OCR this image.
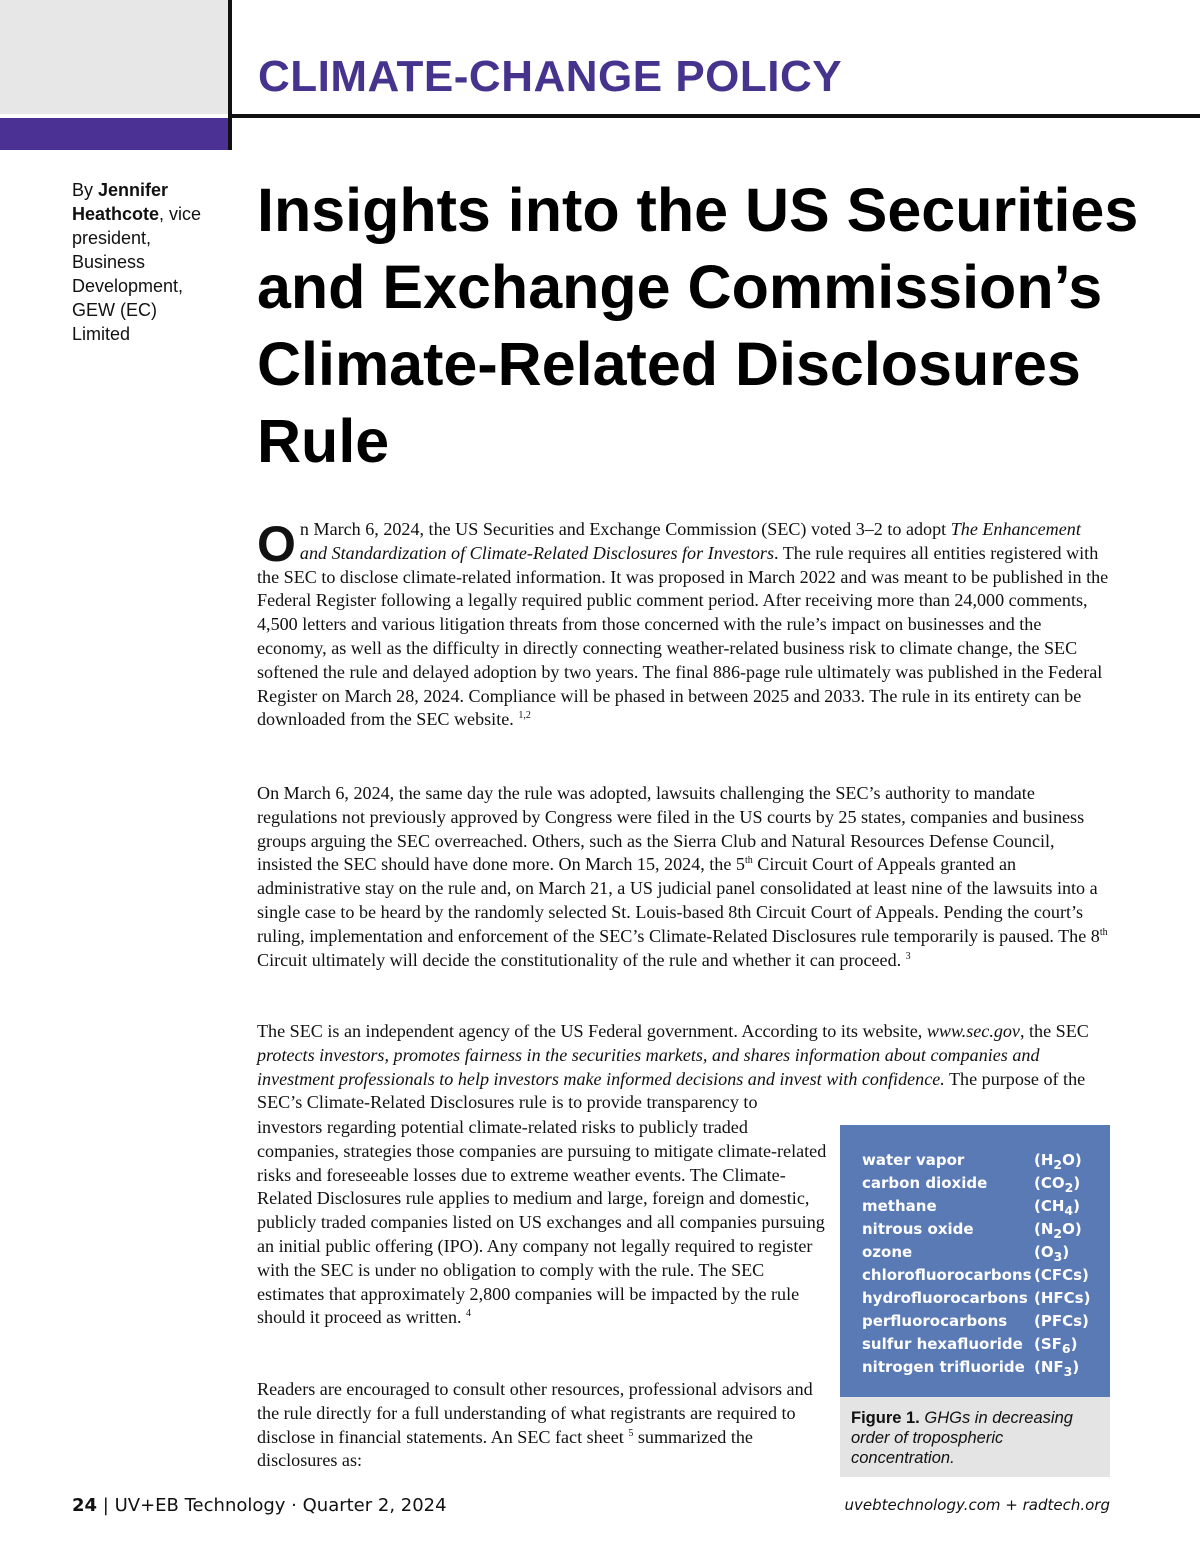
CLIMATE-CHANGE POLICY
By Jennifer Heathcote, vice president, Business Development, GEW (EC) Limited
Insights into the US Securities and Exchange Commission’s Climate-Related Disclosures Rule

On March 6, 2024, the US Securities and Exchange Commission (SEC) voted 3–2 to adopt The Enhancement and Standardization of Climate-Related Disclosures for Investors. The rule requires all entities registered with the SEC to disclose climate-related information. It was proposed in March 2022 and was meant to be published in the Federal Register following a legally required public comment period. After receiving more than 24,000 comments, 4,500 letters and various litigation threats from those concerned with the rule’s impact on businesses and the economy, as well as the difficulty in directly connecting weather-related business risk to climate change, the SEC softened the rule and delayed adoption by two years. The final 886-page rule ultimately was published in the Federal Register on March 28, 2024. Compliance will be phased in between 2025 and 2033. The rule in its entirety can be downloaded from the SEC website. $^{1,2}$

On March 6, 2024, the same day the rule was adopted, lawsuits challenging the SEC’s authority to mandate regulations not previously approved by Congress were filed in the US courts by 25 states, companies and business groups arguing the SEC overreached. Others, such as the Sierra Club and Natural Resources Defense Council, insisted the SEC should have done more. On March 15, 2024, the 5th Circuit Court of Appeals granted an administrative stay on the rule and, on March 21, a US judicial panel consolidated at least nine of the lawsuits into a single case to be heard by the randomly selected St. Louis-based 8th Circuit Court of Appeals. Pending the court’s ruling, implementation and enforcement of the SEC’s Climate-Related Disclosures rule temporarily is paused. The 8th Circuit ultimately will decide the constitutionality of the rule and whether it can proceed. $^3$

The SEC is an independent agency of the US Federal government. According to its website, www.sec.gov, the SEC protects investors, promotes fairness in the securities markets, and shares information about companies and investment professionals to help investors make informed decisions and invest with confidence. The purpose of the SEC’s Climate-Related Disclosures rule is to provide transparency to

investors regarding potential climate-related risks to publicly traded companies, strategies those companies are pursuing to mitigate climate-related risks and foreseeable losses due to extreme weather events. The Climate-Related Disclosures rule applies to medium and large, foreign and domestic, publicly traded companies listed on US exchanges and all companies pursuing an initial public offering (IPO). Any company not legally required to register with the SEC is under no obligation to comply with the rule. The SEC estimates that approximately 2,800 companies will be impacted by the rule should it proceed as written. $^4$

Readers are encouraged to consult other resources, professional advisors and the rule directly for a full understanding of what registrants are required to disclose in financial statements. An SEC fact sheet $^5$ summarized the disclosures as:

water vapor	$(H_2O)$
carbon dioxide	$(CO_2)$
methane	$(CH_4)$
nitrous oxide	$(N_2O)$
ozone	$(O_3)$
chlorofluorocarbons (CFCs)
hydrofluorocarbons (HFCs)
perfluorocarbons (PFCs)
sulfur hexafluoride $(SF_6)$
nitrogen trifluoride $(NF_3)$
Figure 1. GHGs in decreasing order of tropospheric concentration.
24 | UV+EB Technology · Quarter 2, 2024	uvebtechnology.com + radtech.org
